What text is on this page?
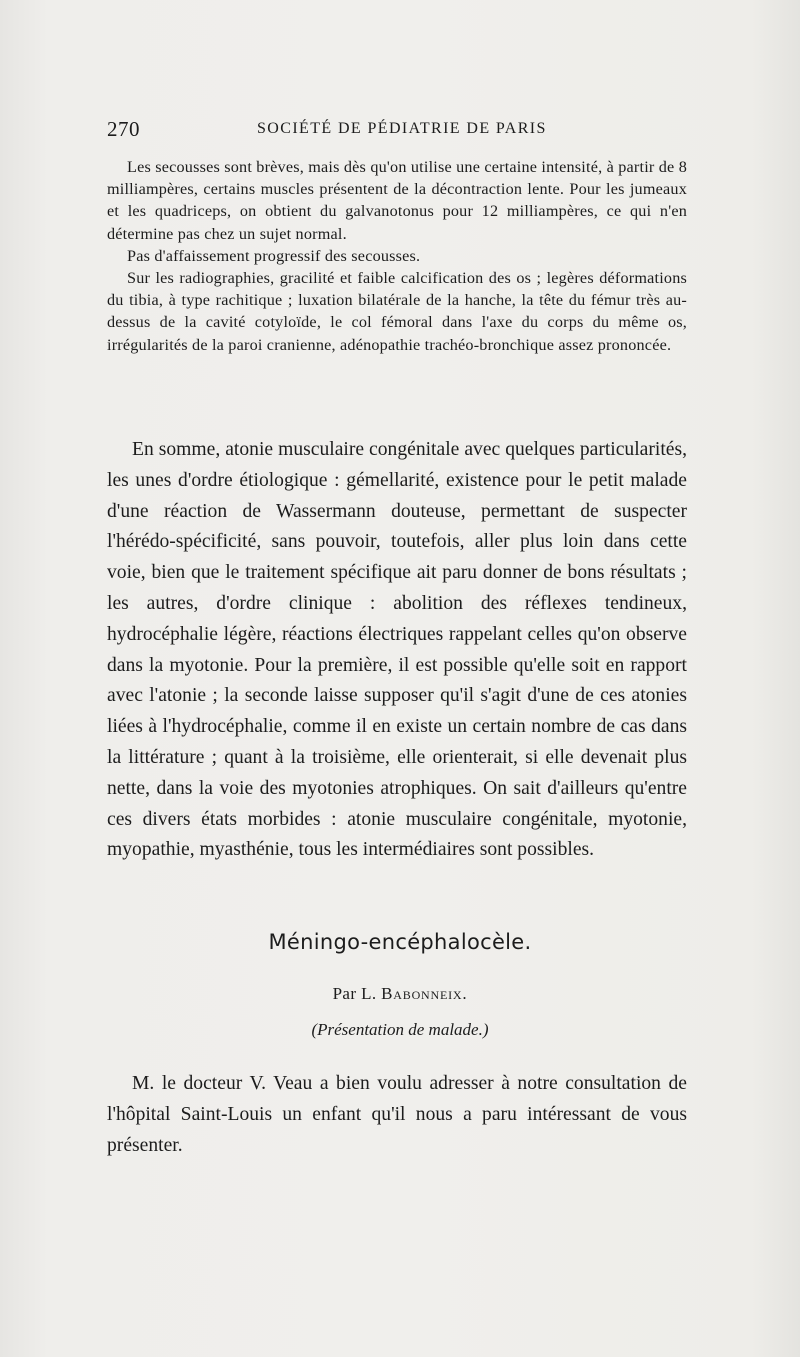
270	SOCIÉTÉ DE PÉDIATRIE DE PARIS

Les secousses sont brèves, mais dès qu'on utilise une certaine intensité, à partir de 8 milliampères, certains muscles présentent de la décontraction lente. Pour les jumeaux et les quadriceps, on obtient du galvanotonus pour 12 milliampères, ce qui n'en détermine pas chez un sujet normal.

Pas d'affaissement progressif des secousses.

Sur les radiographies, gracilité et faible calcification des os ; legères déformations du tibia, à type rachitique ; luxation bilatérale de la hanche, la tête du fémur très au-dessus de la cavité cotyloïde, le col fémoral dans l'axe du corps du même os, irrégularités de la paroi cranienne, adénopathie trachéo-bronchique assez prononcée.

En somme, atonie musculaire congénitale avec quelques particularités, les unes d'ordre étiologique : gémellarité, existence pour le petit malade d'une réaction de Wassermann douteuse, permettant de suspecter l'hérédo-spécificité, sans pouvoir, toutefois, aller plus loin dans cette voie, bien que le traitement spécifique ait paru donner de bons résultats ; les autres, d'ordre clinique : abolition des réflexes tendineux, hydrocéphalie légère, réactions électriques rappelant celles qu'on observe dans la myotonie. Pour la première, il est possible qu'elle soit en rapport avec l'atonie ; la seconde laisse supposer qu'il s'agit d'une de ces atonies liées à l'hydrocéphalie, comme il en existe un certain nombre de cas dans la littérature ; quant à la troisième, elle orienterait, si elle devenait plus nette, dans la voie des myotonies atrophiques. On sait d'ailleurs qu'entre ces divers états morbides : atonie musculaire congénitale, myotonie, myopathie, myasthénie, tous les intermédiaires sont possibles.

Méningo-encéphalocèle.
Par L. Babonneix.
(Présentation de malade.)

M. le docteur V. Veau a bien voulu adresser à notre consultation de l'hôpital Saint-Louis un enfant qu'il nous a paru intéressant de vous présenter.
